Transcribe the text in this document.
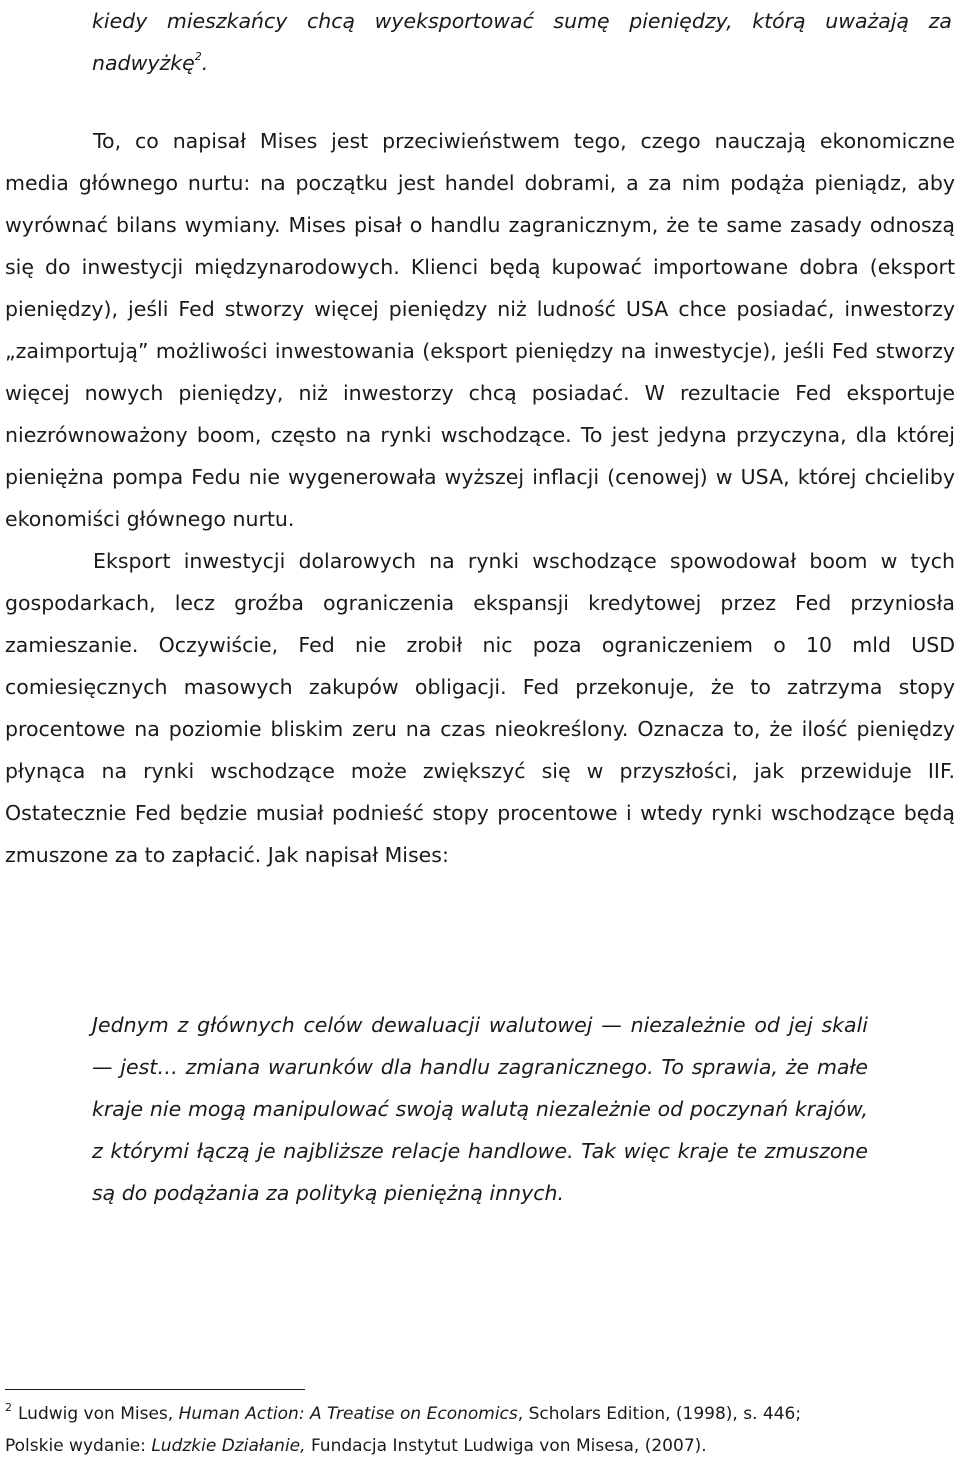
kiedy mieszkańcy chcą wyeksportować sumę pieniędzy, którą uważają za nadwyżkę$^2$.

To, co napisał Mises jest przeciwieństwem tego, czego nauczają ekonomiczne media głównego nurtu: na początku jest handel dobrami, a za nim podąża pieniądz, aby wyrównać bilans wymiany. Mises pisał o handlu zagranicznym, że te same zasady odnoszą się do inwestycji międzynarodowych. Klienci będą kupować importowane dobra (eksport pieniędzy), jeśli Fed stworzy więcej pieniędzy niż ludność USA chce posiadać, inwestorzy „zaimportują” możliwości inwestowania (eksport pieniędzy na inwestycje), jeśli Fed stworzy więcej nowych pieniędzy, niż inwestorzy chcą posiadać. W rezultacie Fed eksportuje niezrównoważony boom, często na rynki wschodzące. To jest jedyna przyczyna, dla której pieniężna pompa Fedu nie wygenerowała wyższej inflacji (cenowej) w USA, której chcieliby ekonomiści głównego nurtu.

Eksport inwestycji dolarowych na rynki wschodzące spowodował boom w tych gospodarkach, lecz groźba ograniczenia ekspansji kredytowej przez Fed przyniosła zamieszanie. Oczywiście, Fed nie zrobił nic poza ograniczeniem o 10 mld USD comiesięcznych masowych zakupów obligacji. Fed przekonuje, że to zatrzyma stopy procentowe na poziomie bliskim zeru na czas nieokreślony. Oznacza to, że ilość pieniędzy płynąca na rynki wschodzące może zwiększyć się w przyszłości, jak przewiduje IIF. Ostatecznie Fed będzie musiał podnieść stopy procentowe i wtedy rynki wschodzące będą zmuszone za to zapłacić. Jak napisał Mises:

Jednym z głównych celów dewaluacji walutowej — niezależnie od jej skali — jest… zmiana warunków dla handlu zagranicznego. To sprawia, że małe kraje nie mogą manipulować swoją walutą niezależnie od poczynań krajów, z którymi łączą je najbliższe relacje handlowe. Tak więc kraje te zmuszone są do podążania za polityką pieniężną innych.
$^2$ Ludwig von Mises, Human Action: A Treatise on Economics, Scholars Edition, (1998), s. 446;
Polskie wydanie: Ludzkie Działanie, Fundacja Instytut Ludwiga von Misesa, (2007).
